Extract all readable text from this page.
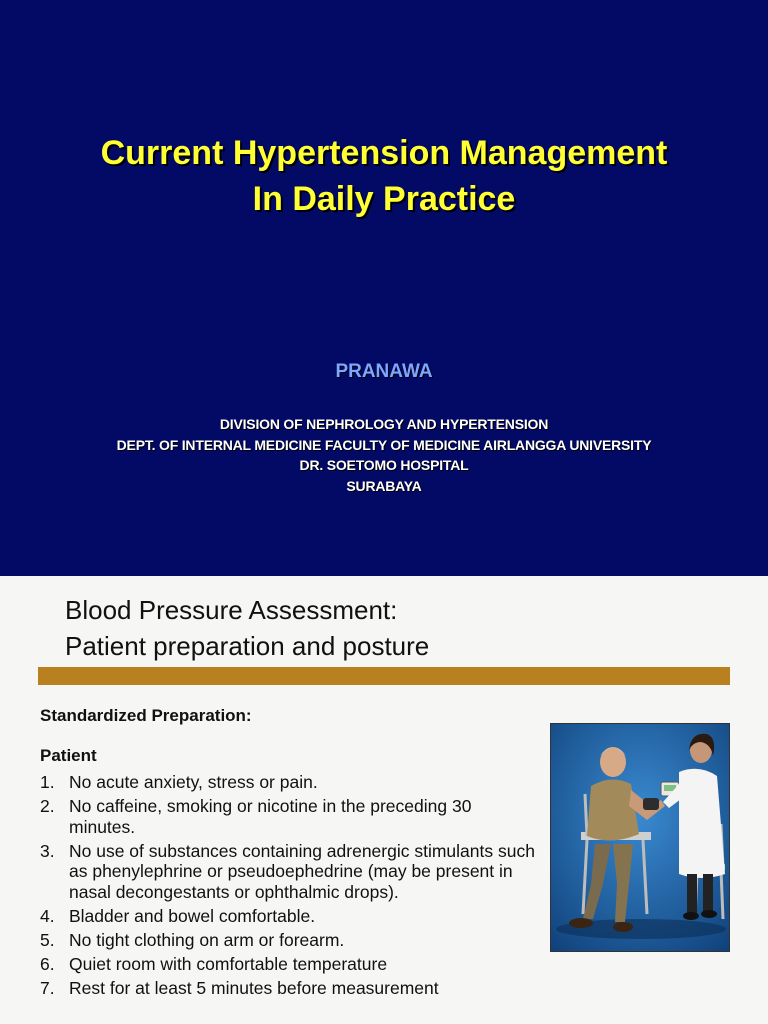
Current Hypertension Management
In Daily Practice
PRANAWA
DIVISION OF NEPHROLOGY AND HYPERTENSION
DEPT. OF INTERNAL MEDICINE FACULTY OF MEDICINE AIRLANGGA UNIVERSITY
DR. SOETOMO HOSPITAL
SURABAYA
Blood Pressure Assessment:
Patient preparation and posture
Standardized Preparation:
Patient
1. No acute anxiety, stress or pain.
2. No caffeine, smoking or nicotine in the preceding 30 minutes.
3. No use of substances containing adrenergic stimulants such as phenylephrine or pseudoephedrine (may be present in nasal decongestants or ophthalmic drops).
4. Bladder and bowel comfortable.
5. No tight clothing on arm or forearm.
6. Quiet room with comfortable temperature
7. Rest for at least 5 minutes before measurement
